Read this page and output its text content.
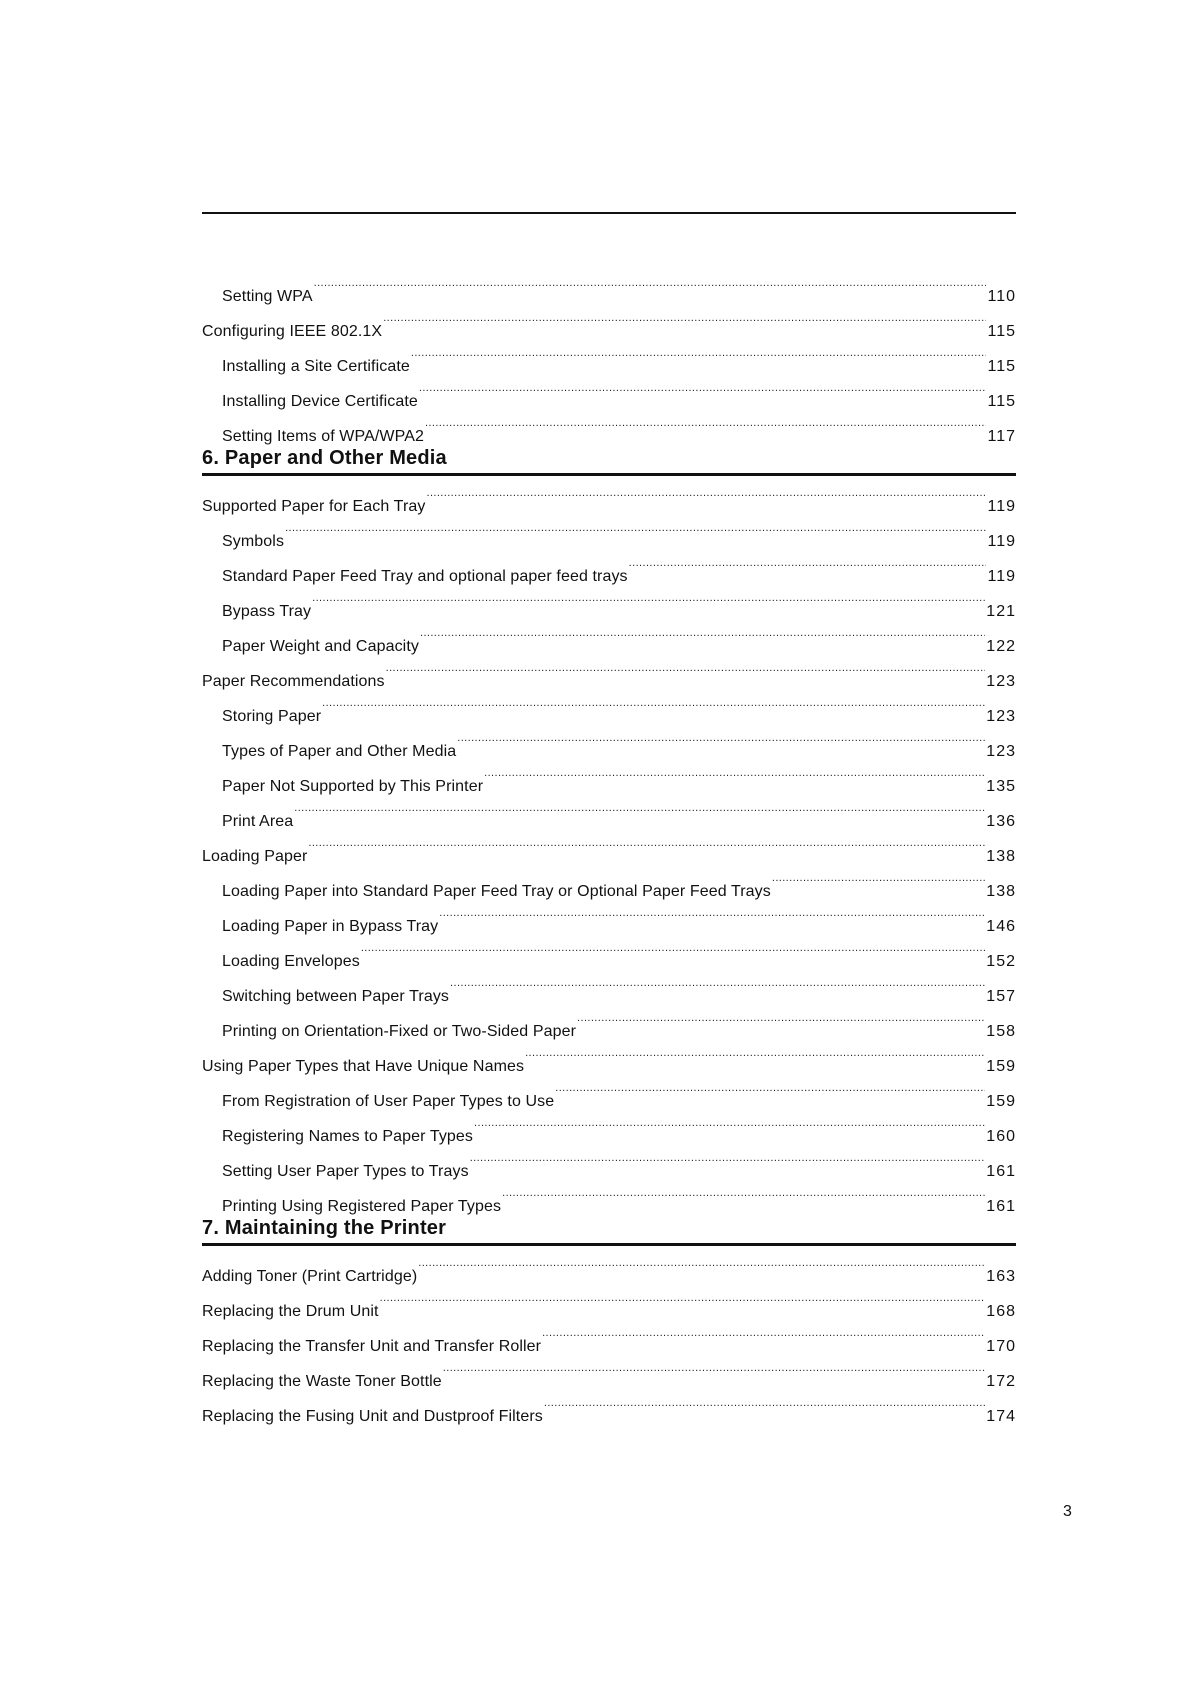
Setting WPA .....	110
Configuring IEEE 802.1X .....	115
Installing a Site Certificate .....	115
Installing Device Certificate .....	115
Setting Items of WPA/WPA2 .....	117
6. Paper and Other Media
Supported Paper for Each Tray .....	119
Symbols .....	119
Standard Paper Feed Tray and optional paper feed trays .....	119
Bypass Tray .....	121
Paper Weight and Capacity .....	122
Paper Recommendations .....	123
Storing Paper .....	123
Types of Paper and Other Media .....	123
Paper Not Supported by This Printer .....	135
Print Area .....	136
Loading Paper .....	138
Loading Paper into Standard Paper Feed Tray or Optional Paper Feed Trays .....	138
Loading Paper in Bypass Tray .....	146
Loading Envelopes .....	152
Switching between Paper Trays .....	157
Printing on Orientation-Fixed or Two-Sided Paper .....	158
Using Paper Types that Have Unique Names .....	159
From Registration of User Paper Types to Use .....	159
Registering Names to Paper Types .....	160
Setting User Paper Types to Trays .....	161
Printing Using Registered Paper Types .....	161
7. Maintaining the Printer
Adding Toner (Print Cartridge) .....	163
Replacing the Drum Unit .....	168
Replacing the Transfer Unit and Transfer Roller .....	170
Replacing the Waste Toner Bottle .....	172
Replacing the Fusing Unit and Dustproof Filters .....	174
3
